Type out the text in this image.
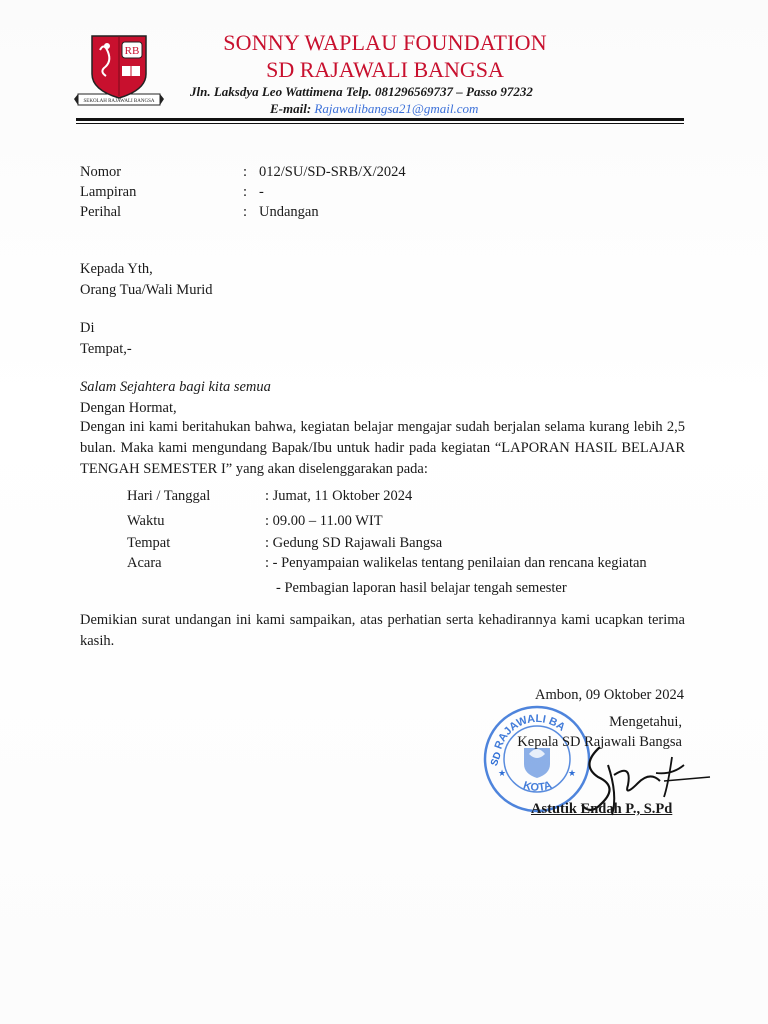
RB
SEKOLAH RAJAWALI BANGSA
SONNY WAPLAU FOUNDATION
SD RAJAWALI BANGSA
Jln. Laksdya Leo Wattimena Telp. 081296569737 – Passo 97232
E-mail: Rajawalibangsa21@gmail.com
Nomor	: 012/SU/SD-SRB/X/2024
Lampiran	: -
Perihal	: Undangan
Kepada Yth,
Orang Tua/Wali Murid
Di
Tempat,-
Salam Sejahtera bagi kita semua
Dengan Hormat,
Dengan ini kami beritahukan bahwa, kegiatan belajar mengajar sudah berjalan selama kurang lebih 2,5 bulan. Maka kami mengundang Bapak/Ibu untuk hadir pada kegiatan “LAPORAN HASIL BELAJAR TENGAH SEMESTER I” yang akan diselenggarakan pada:
Hari / Tanggal	: Jumat, 11 Oktober 2024
Waktu	: 09.00 – 11.00 WIT
Tempat	: Gedung SD Rajawali Bangsa
Acara	: - Penyampaian walikelas tentang penilaian dan rencana kegiatan
- Pembagian laporan hasil belajar tengah semester
Demikian surat undangan ini kami sampaikan, atas perhatian serta kehadirannya kami ucapkan terima kasih.
Ambon, 09 Oktober 2024
RAJAWALI BA
KOTA
SD
★	★
Mengetahui,
Kepala SD Rajawali Bangsa
Astutik Endah P., S.Pd
